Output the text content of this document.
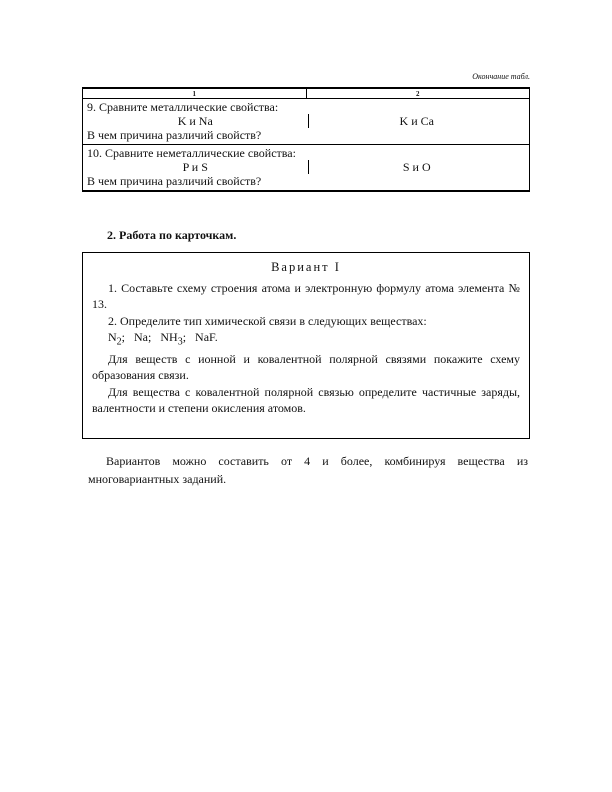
Окончание табл.
1	2

9. Сравните металлические свойства:
K и Na	K и Ca
В чем причина различий свойств?

10. Сравните неметаллические свойства:
P и S	S и O
В чем причина различий свойств?
2. Работа по карточкам.
Вариант I

1. Составьте схему строения атома и электронную формулу атома элемента № 13.

2. Определите тип химической связи в следующих веществах:

$N_2$; Na; $NH_3$; NaF.

Для веществ с ионной и ковалентной полярной связями покажите схему образования связи.

Для вещества с ковалентной полярной связью определите частичные заряды, валентности и степени окисления атомов.

Вариантов можно составить от 4 и более, комбинируя вещества из многовариантных заданий.
